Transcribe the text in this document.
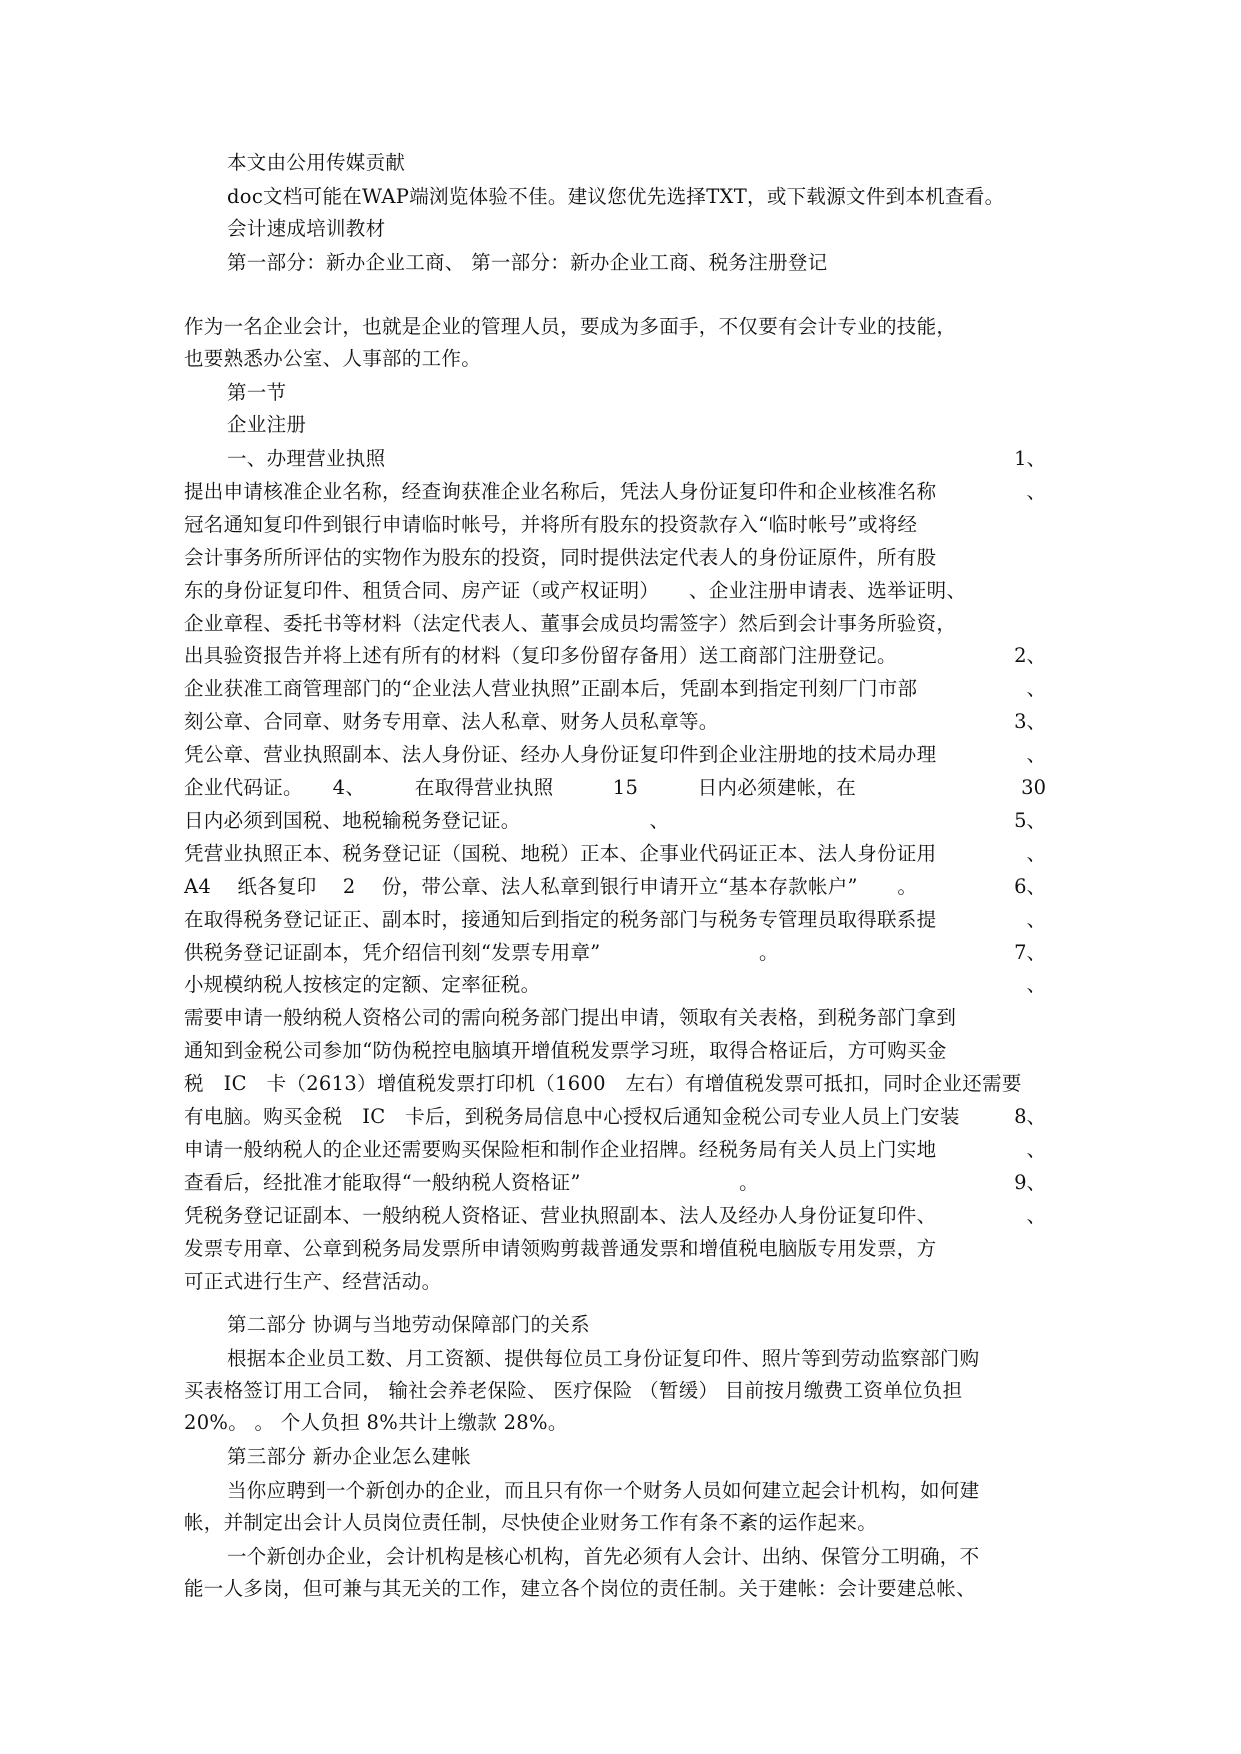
本文由公用传媒贡献
doc文档可能在WAP端浏览体验不佳。建议您优先选择TXT，或下载源文件到本机查看。
会计速成培训教材
第一部分：新办企业工商、 第一部分：新办企业工商、税务注册登记
作为一名企业会计，也就是企业的管理人员，要成为多面手，不仅要有会计专业的技能，
也要熟悉办公室、人事部的工作。
第一节
企业注册
一、办理营业执照	1、
提出申请核准企业名称，经查询获准企业名称后，凭法人身份证复印件和企业核准名称	、
冠名通知复印件到银行申请临时帐号，并将所有股东的投资款存入“临时帐号”或将经
会计事务所所评估的实物作为股东的投资，同时提供法定代表人的身份证原件，所有股
东的身份证复印件、租赁合同、房产证（或产权证明）　　、企业注册申请表、选举证明、
企业章程、委托书等材料（法定代表人、董事会成员均需签字）然后到会计事务所验资，
出具验资报告并将上述有所有的材料（复印多份留存备用）送工商部门注册登记。	2、
企业获准工商管理部门的“企业法人营业执照”正副本后，凭副本到指定刊刻厂门市部	、
刻公章、合同章、财务专用章、法人私章、财务人员私章等。	3、
凭公章、营业执照副本、法人身份证、经办人身份证复印件到企业注册地的技术局办理	、
企业代码证。　　4、　　　在取得营业执照　　　15　　　日内必须建帐，在	30
日内必须到国税、地税输税务登记证。　　　　　　　、	5、
凭营业执照正本、税务登记证（国税、地税）正本、企事业代码证正本、法人身份证用	、
A4　 纸各复印　 2　 份，带公章、法人私章到银行申请开立“基本存款帐户”　　。	6、
在取得税务登记证正、副本时，接通知后到指定的税务部门与税务专管理员取得联系提	、
供税务登记证副本，凭介绍信刊刻“发票专用章”　　　　　　　　。	7、
小规模纳税人按核定的定额、定率征税。	、
需要申请一般纳税人资格公司的需向税务部门提出申请，领取有关表格，到税务部门拿到
通知到金税公司参加“防伪税控电脑填开增值税发票学习班，取得合格证后，方可购买金
税　IC　卡（2613）增值税发票打印机（1600　左右）有增值税发票可抵扣，同时企业还需要
有电脑。购买金税　IC　卡后，到税务局信息中心授权后通知金税公司专业人员上门安装	8、
申请一般纳税人的企业还需要购买保险柜和制作企业招牌。经税务局有关人员上门实地	、
查看后，经批准才能取得“一般纳税人资格证”　　　　　　　　。	9、
凭税务登记证副本、一般纳税人资格证、营业执照副本、法人及经办人身份证复印件、	、
发票专用章、公章到税务局发票所申请领购剪裁普通发票和增值税电脑版专用发票，方
可正式进行生产、经营活动。
第二部分 协调与当地劳动保障部门的关系
根据本企业员工数、月工资额、提供每位员工身份证复印件、照片等到劳动监察部门购
买表格签订用工合同， 输社会养老保险、 医疗保险 （暂缓） 目前按月缴费工资单位负担
20%。 。 个人负担 8%共计上缴款 28%。
第三部分 新办企业怎么建帐
当你应聘到一个新创办的企业，而且只有你一个财务人员如何建立起会计机构，如何建
帐，并制定出会计人员岗位责任制，尽快使企业财务工作有条不紊的运作起来。
一个新创办企业，会计机构是核心机构，首先必须有人会计、出纳、保管分工明确，不
能一人多岗，但可兼与其无关的工作，建立各个岗位的责任制。关于建帐：会计要建总帐、
